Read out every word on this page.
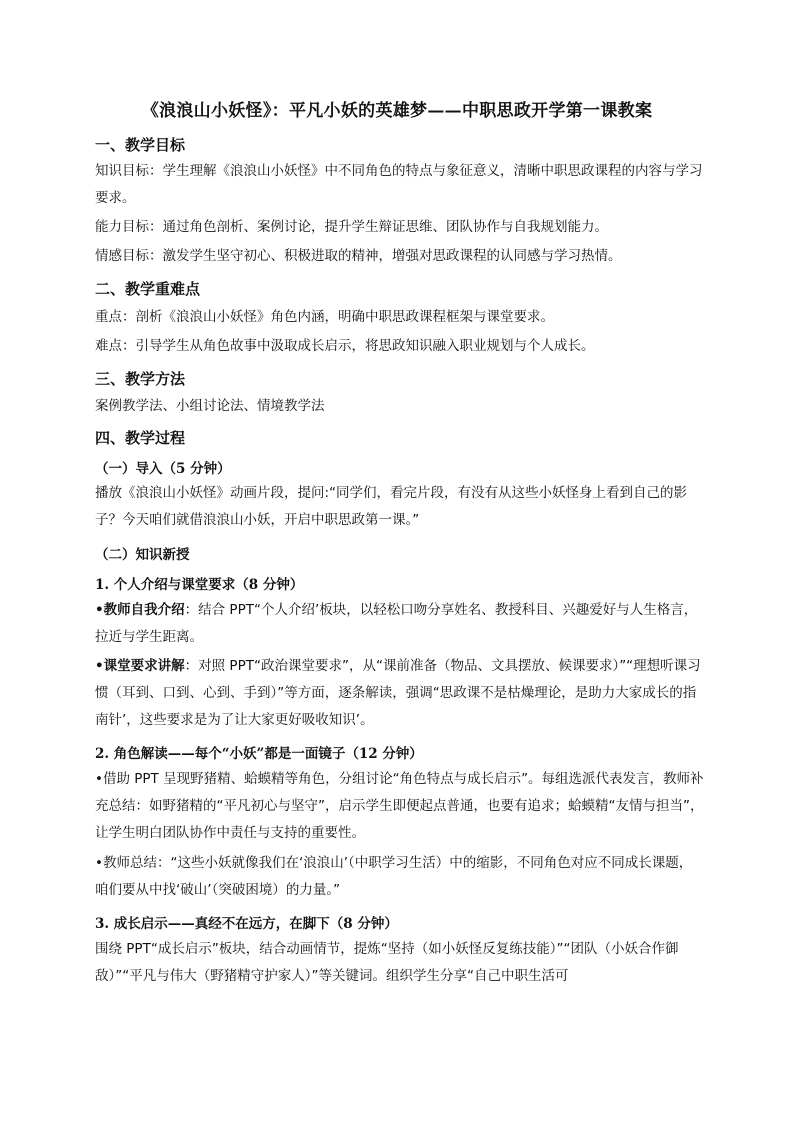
《浪浪山小妖怪》：平凡小妖的英雄梦——中职思政开学第一课教案
一、教学目标

知识目标：学生理解《浪浪山小妖怪》中不同角色的特点与象征意义，清晰中职思政课程的内容与学习要求。

能力目标：通过角色剖析、案例讨论，提升学生辩证思维、团队协作与自我规划能力。

情感目标：激发学生坚守初心、积极进取的精神，增强对思政课程的认同感与学习热情。

二、教学重难点

重点：剖析《浪浪山小妖怪》角色内涵，明确中职思政课程框架与课堂要求。

难点：引导学生从角色故事中汲取成长启示，将思政知识融入职业规划与个人成长。

三、教学方法

案例教学法、小组讨论法、情境教学法

四、教学过程
（一）导入（5 分钟）

播放《浪浪山小妖怪》动画片段，提问:“同学们，看完片段，有没有从这些小妖怪身上看到自己的影子？今天咱们就借浪浪山小妖，开启中职思政第一课。”

（二）知识新授
1. 个人介绍与课堂要求（8 分钟）

•教师自我介绍：结合 PPT“个人介绍’板块，以轻松口吻分享姓名、教授科目、兴趣爱好与人生格言，拉近与学生距离。

•课堂要求讲解：对照 PPT“政治课堂要求”，从“课前准备（物品、文具摆放、候课要求）”“理想听课习惯（耳到、口到、心到、手到）”等方面，逐条解读，强调“思政课不是枯燥理论，是助力大家成长的指南针’，这些要求是为了让大家更好吸收知识’。

2. 角色解读——每个“小妖”都是一面镜子（12 分钟）

•借助 PPT 呈现野猪精、蛤蟆精等角色，分组讨论“角色特点与成长启示”。每组选派代表发言，教师补充总结：如野猪精的“平凡初心与坚守”，启示学生即便起点普通，也要有追求；蛤蟆精“友情与担当”，让学生明白团队协作中责任与支持的重要性。

•教师总结：“这些小妖就像我们在‘浪浪山’（中职学习生活）中的缩影，不同角色对应不同成长课题，咱们要从中找‘破山’（突破困境）的力量。”

3. 成长启示——真经不在远方，在脚下（8 分钟）

围绕 PPT“成长启示”板块，结合动画情节，提炼“坚持（如小妖怪反复练技能）”“团队（小妖合作御敌）”“平凡与伟大（野猪精守护家人）”等关键词。组织学生分享“自己中职生活可
